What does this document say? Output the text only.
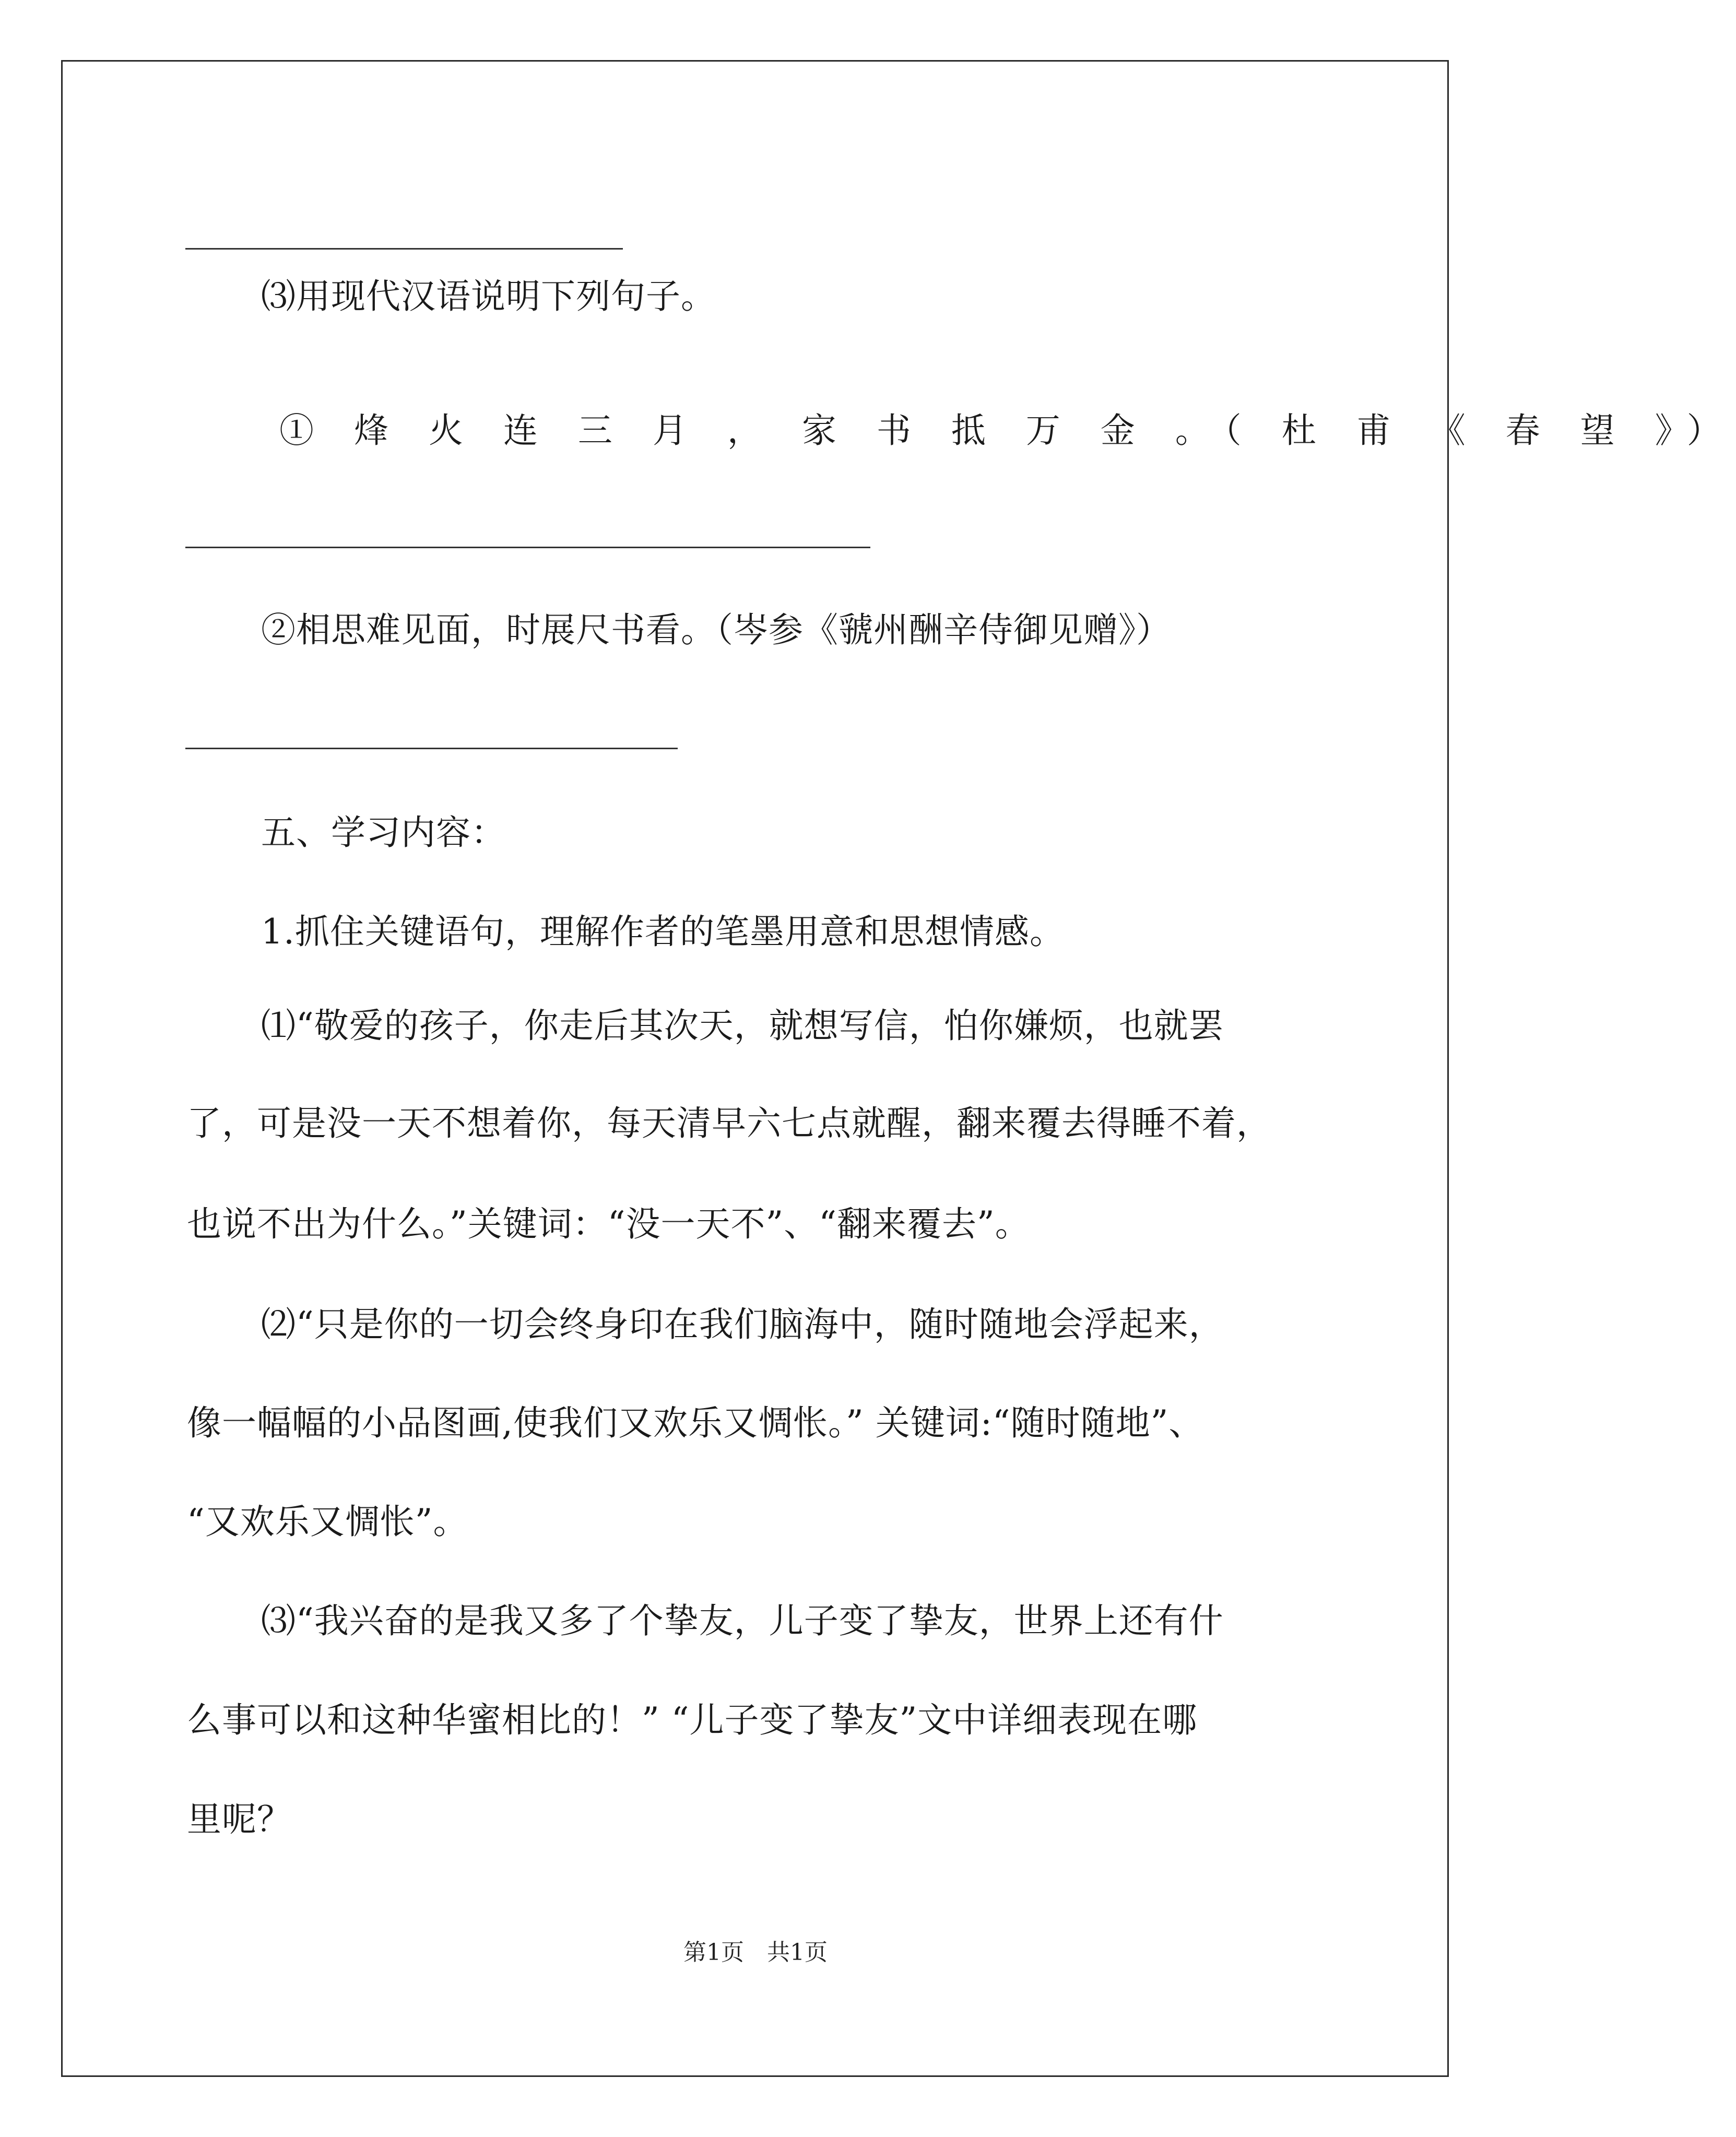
⑶用现代汉语说明下列句子。
① 烽 火 连 三 月 ， 家 书 抵 万 金 。（ 杜 甫 《 春 望 》）
②相思难见面，时展尺书看。（岑参《虢州酬辛侍御见赠》）
五、学习内容：
1.抓住关键语句，理解作者的笔墨用意和思想情感。
⑴“敬爱的孩子，你走后其次天，就想写信，怕你嫌烦，也就罢
了，可是没一天不想着你，每天清早六七点就醒，翻来覆去得睡不着，
也说不出为什么。”关键词：“没一天不”、“翻来覆去”。
⑵“只是你的一切会终身印在我们脑海中，随时随地会浮起来，
像一幅幅的小品图画,使我们又欢乐又惆怅。” 关键词:“随时随地”、
“又欢乐又惆怅”。
⑶“我兴奋的是我又多了个挚友，儿子变了挚友，世界上还有什
么事可以和这种华蜜相比的！” “儿子变了挚友”文中详细表现在哪
里呢？
第1页　共1页
